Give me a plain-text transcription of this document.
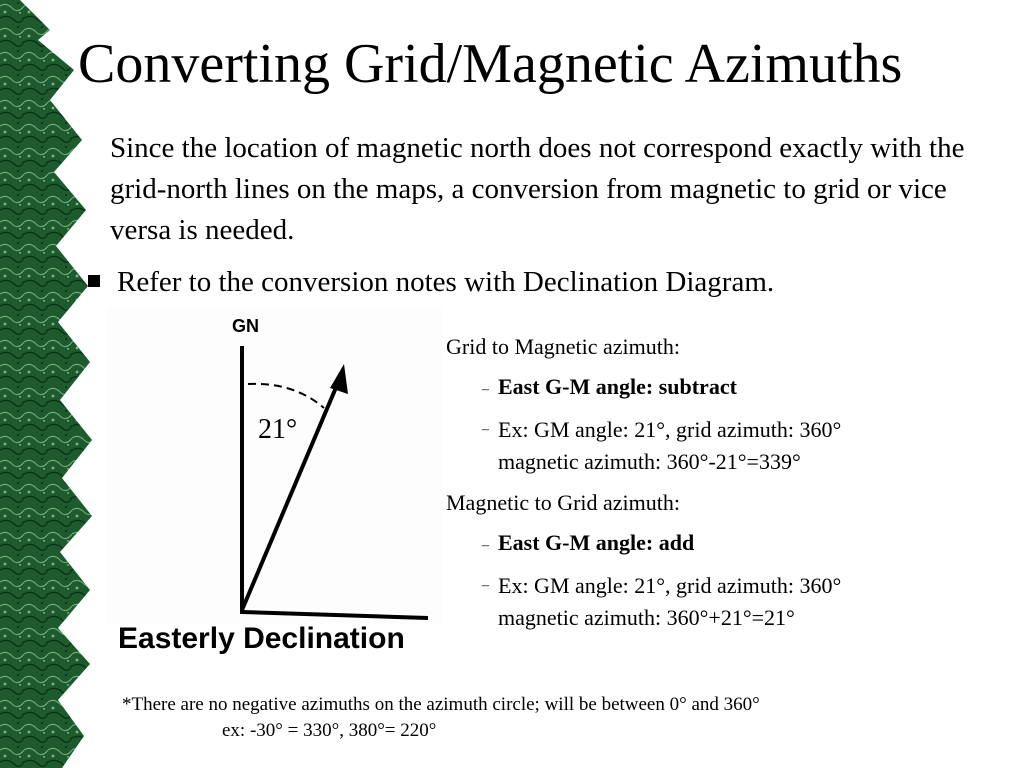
Converting Grid/Magnetic Azimuths
Since the location of magnetic north does not correspond exactly with the grid-north lines on the maps, a conversion from magnetic to grid or vice versa is needed.
Refer to the conversion notes with Declination Diagram.
GN
21°
Easterly Declination
Grid to Magnetic azimuth:
– East G-M angle: subtract
– Ex: GM angle: 21°, grid azimuth: 360°
magnetic azimuth: 360°-21°=339°
Magnetic to Grid azimuth:
– East G-M angle: add
– Ex: GM angle: 21°, grid azimuth: 360°
magnetic azimuth: 360°+21°=21°
*There are no negative azimuths on the azimuth circle; will be between 0° and 360°
ex: -30° = 330°, 380°= 220°
